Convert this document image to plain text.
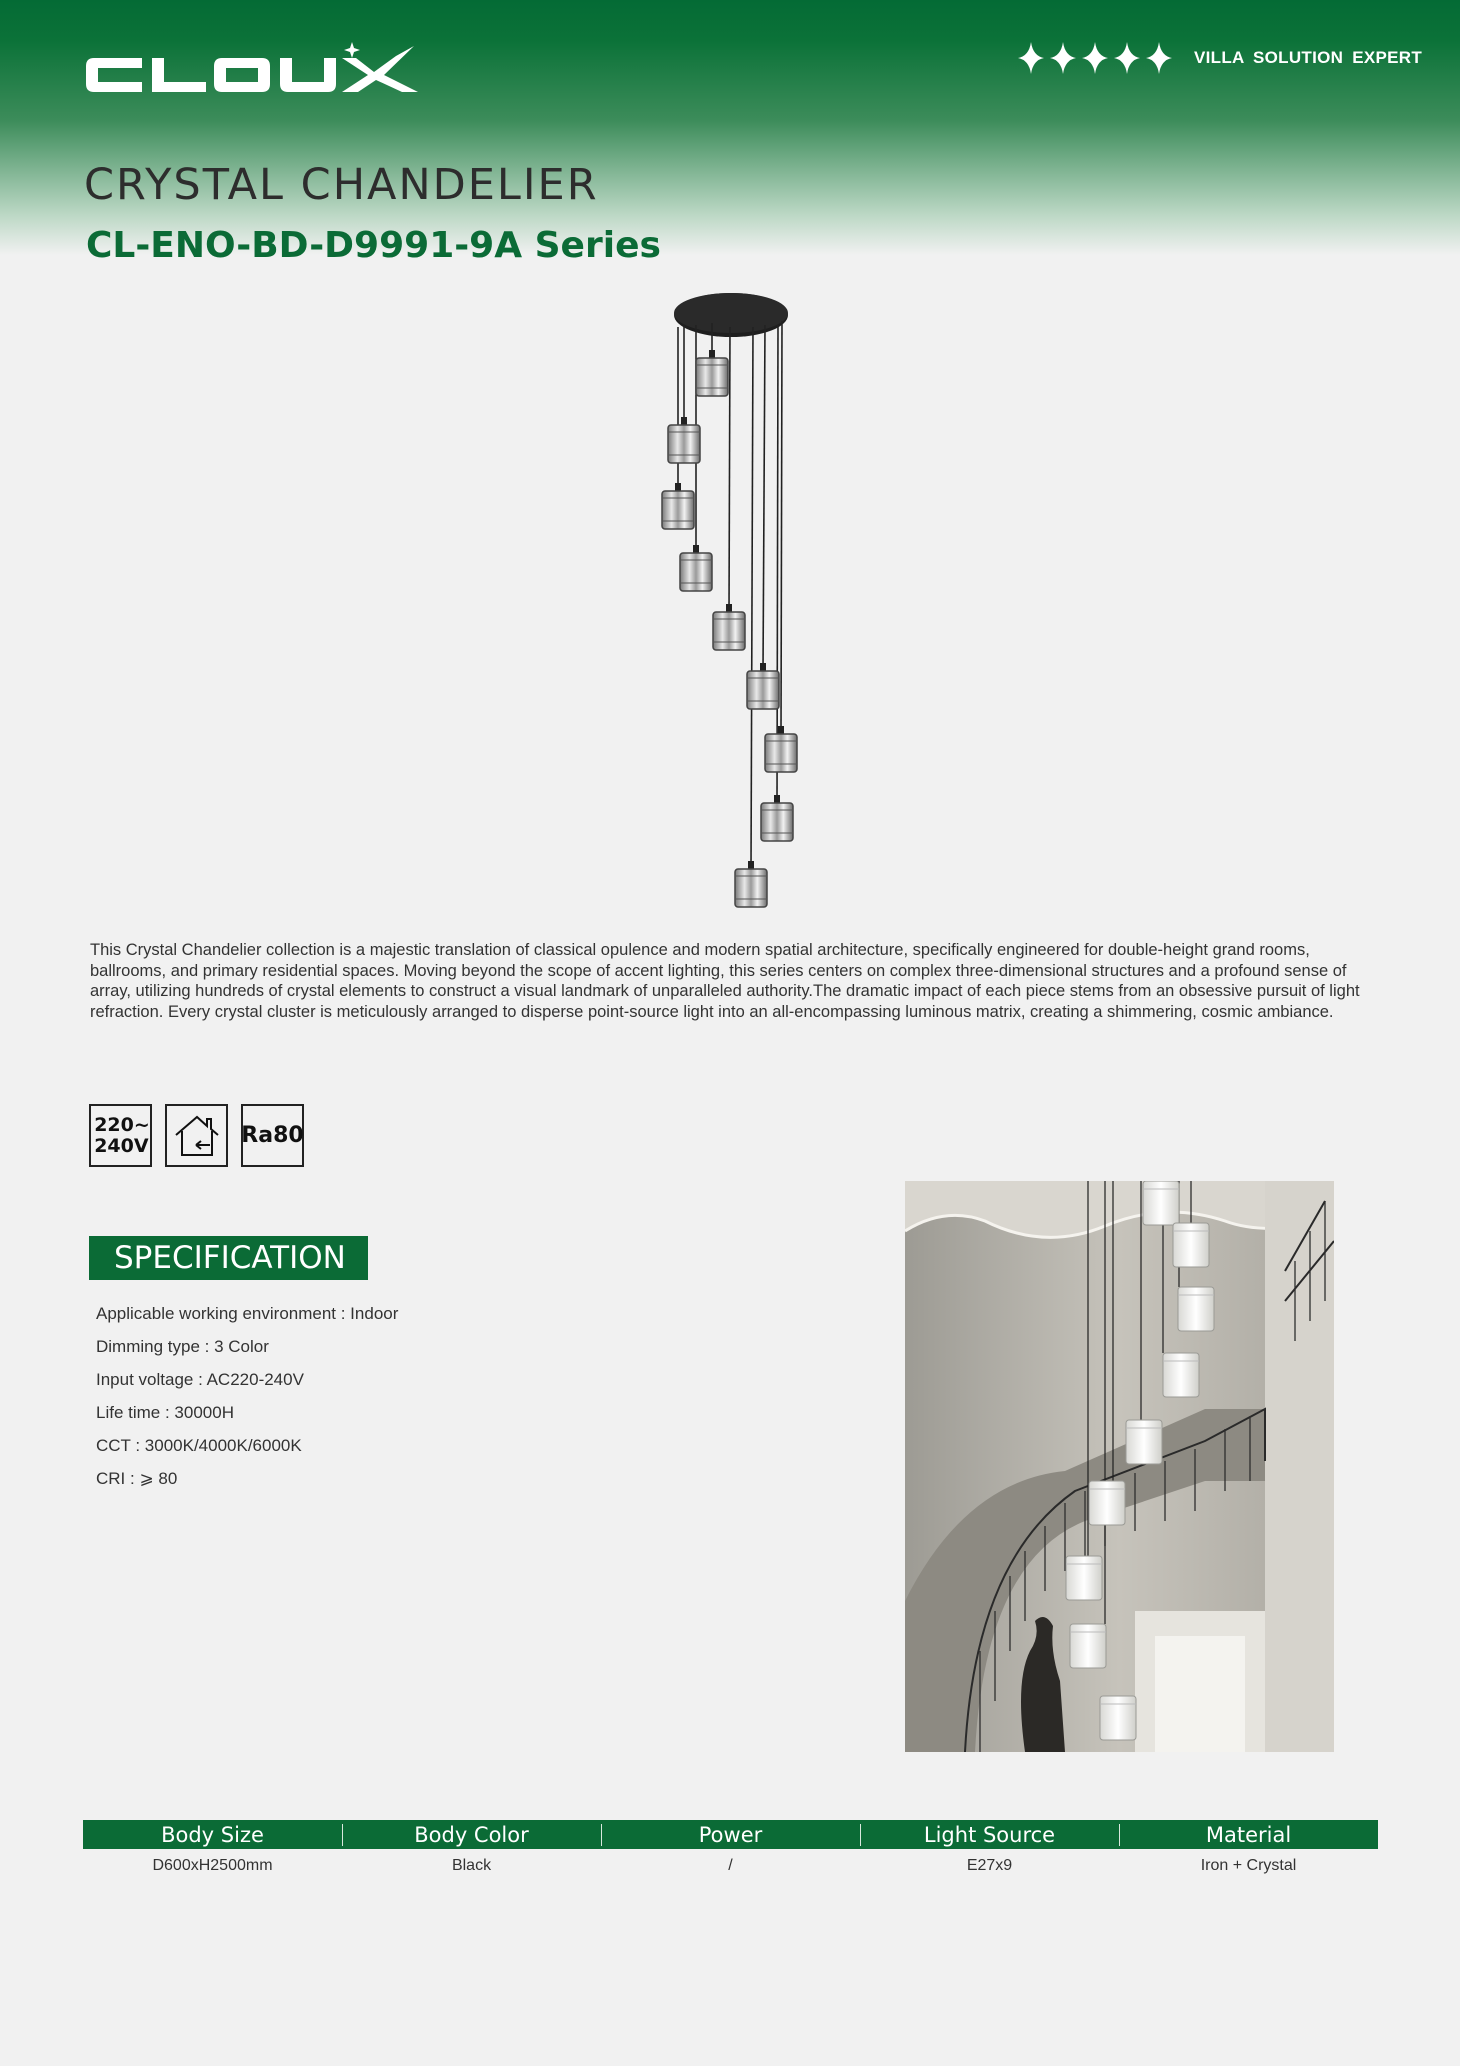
VILLA SOLUTION EXPERT
CRYSTAL CHANDELIER
CL-ENO-BD-D9991-9A Series

This Crystal Chandelier collection is a majestic translation of classical opulence and modern spatial architecture, specifically engineered for double-height grand rooms, ballrooms, and primary residential spaces. Moving beyond the scope of accent lighting, this series centers on complex three-dimensional structures and a profound sense of array, utilizing hundreds of crystal elements to construct a visual landmark of unparalleled authority.The dramatic impact of each piece stems from an obsessive pursuit of light refraction. Every crystal cluster is meticulously arranged to disperse point-source light into an all-encompassing luminous matrix, creating a shimmering, cosmic ambiance.

220~
240V	Ra80
SPECIFICATION
Applicable working environment : Indoor
Dimming type : 3 Color
Input voltage : AC220-240V
Life time : 30000H
CCT : 3000K/4000K/6000K
CRI : ⩾ 80
Body Size	Body Color	Power	Light Source	Material
D600xH2500mm	Black	/	E27x9	Iron + Crystal
